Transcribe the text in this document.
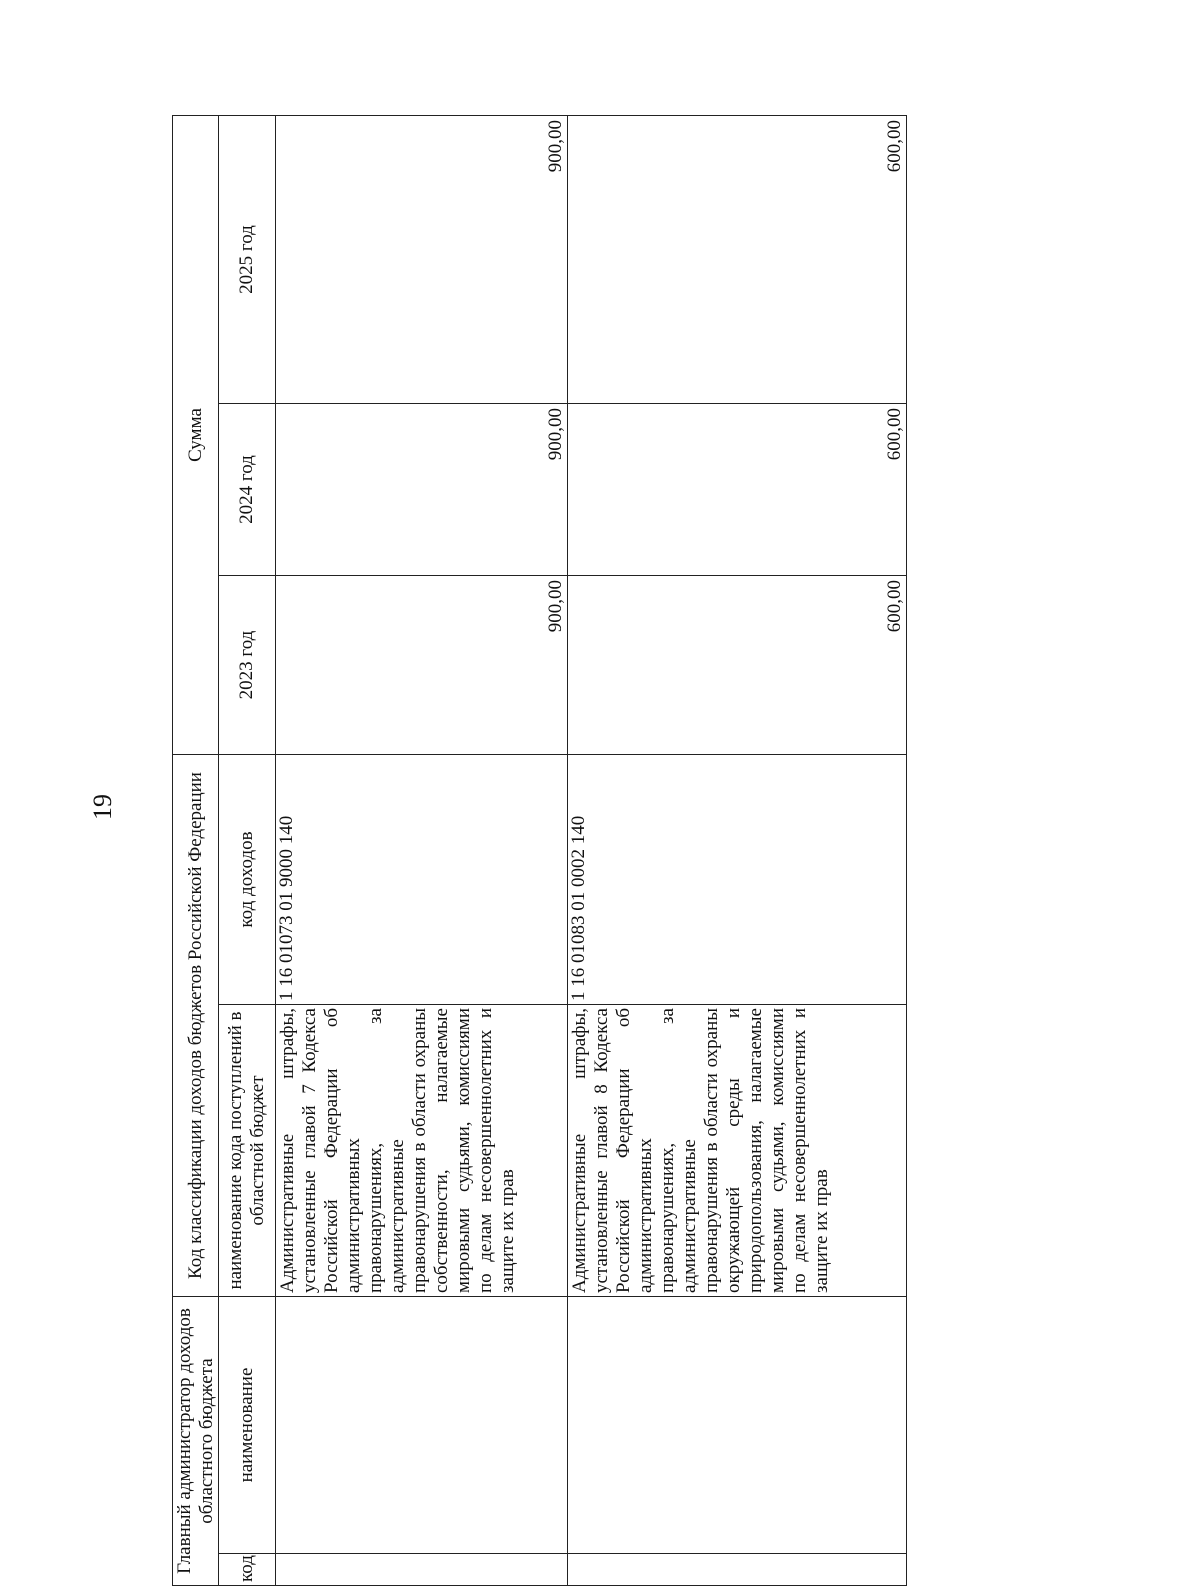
19
Главный администратор доходов областного бюджета		Код классификации доходов бюджетов Российской Федерации		Сумма		
код	наименование	наименование кода поступлений в областной бюджет	код доходов	2023 год	2024 год	2025 год
		Административные штрафы, установленные главой 7 Кодекса Российской Федерации об административных правонарушениях, за административные правонарушения в области охраны собственности, налагаемые мировыми судьями, комиссиями по делам несовершеннолетних и защите их прав	1 16 01073 01 9000 140	900,00	900,00	900,00
		Административные штрафы, установленные главой 8 Кодекса Российской Федерации об административных правонарушениях, за административные правонарушения в области охраны окружающей среды и природопользования, налагаемые мировыми судьями, комиссиями по делам несовершеннолетних и защите их прав	1 16 01083 01 0002 140	600,00	600,00	600,00
